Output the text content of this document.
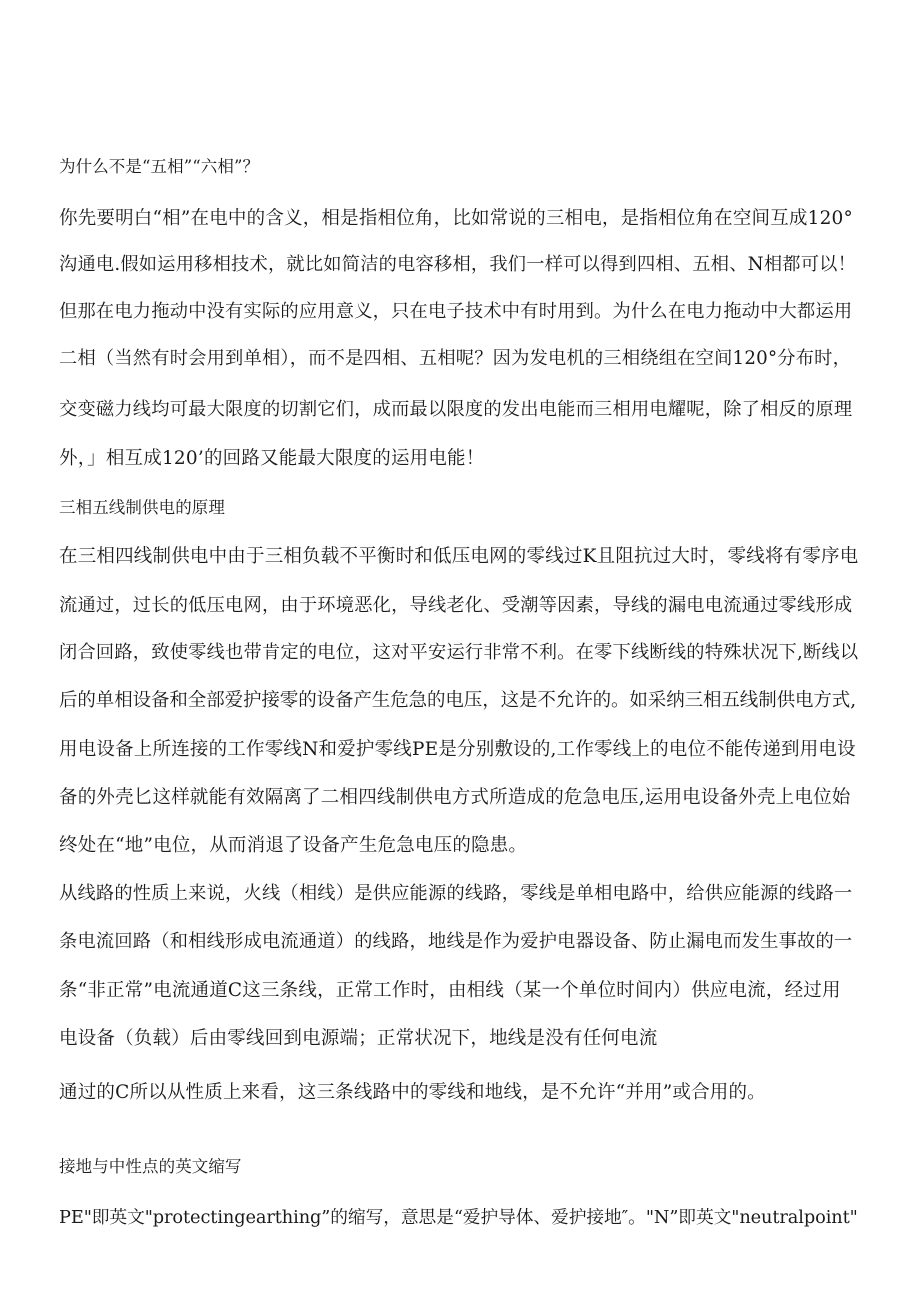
为什么不是“五相”“六相”？

你先要明白“相”在电中的含义，相是指相位角，比如常说的三相电，是指相位角在空间互成120°

沟通电.假如运用移相技术，就比如简洁的电容移相，我们一样可以得到四相、五相、N相都可以！

但那在电力拖动中没有实际的应用意义，只在电子技术中有时用到。为什么在电力拖动中大都运用

二相（当然有时会用到单相），而不是四相、五相呢？因为发电机的三相绕组在空间120°分布时，

交变磁力线均可最大限度的切割它们，成而最以限度的发出电能而三相用电耀呢，除了相反的原理

外，」相互成120’的回路又能最大限度的运用电能！

三相五线制供电的原理

在三相四线制供电中由于三相负载不平衡时和低压电网的零线过K且阻抗过大时，零线将有零序电

流通过，过长的低压电网，由于环境恶化，导线老化、受潮等因素，导线的漏电电流通过零线形成

闭合回路，致使零线也带肯定的电位，这对平安运行非常不利。在零下线断线的特殊状况下,断线以

后的单相设备和全部爱护接零的设备产生危急的电压，这是不允许的。如采纳三相五线制供电方式,

用电设备上所连接的工作零线N和爱护零线PE是分别敷设的,工作零线上的电位不能传递到用电设

备的外壳匕这样就能有效隔离了二相四线制供电方式所造成的危急电压,运用电设备外壳上电位始

终处在“地”电位，从而消退了设备产生危急电压的隐患。

从线路的性质上来说，火线（相线）是供应能源的线路，零线是单相电路中，给供应能源的线路一

条电流回路（和相线形成电流通道）的线路，地线是作为爱护电器设备、防止漏电而发生事故的一

条“非正常”电流通道C这三条线，正常工作时，由相线（某一个单位时间内）供应电流，经过用

电设备（负载）后由零线回到电源端；正常状况下，地线是没有任何电流

通过的C所以从性质上来看，这三条线路中的零线和地线，是不允许“并用”或合用的。

接地与中性点的英文缩写

PE"即英文"protectingearthing”的缩写，意思是“爱护导体、爱护接地″。"N”即英文"neutralpoint"
